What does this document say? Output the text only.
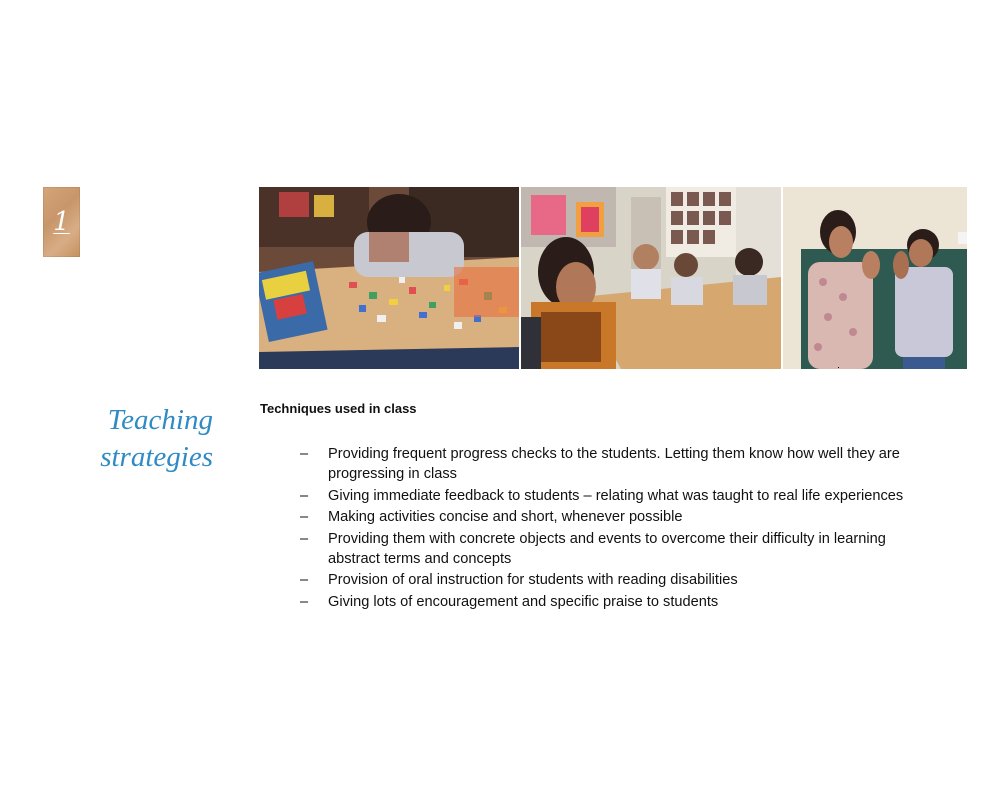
1
Teaching
strategies
Techniques used in class
– Providing frequent progress checks to the students. Letting them know how well they are progressing in class
– Giving immediate feedback to students – relating what was taught to real life experiences
– Making activities concise and short, whenever possible
– Providing them with concrete objects and events to overcome their difficulty in learning abstract terms and concepts
– Provision of oral instruction for students with reading disabilities
– Giving lots of encouragement and specific praise to students
